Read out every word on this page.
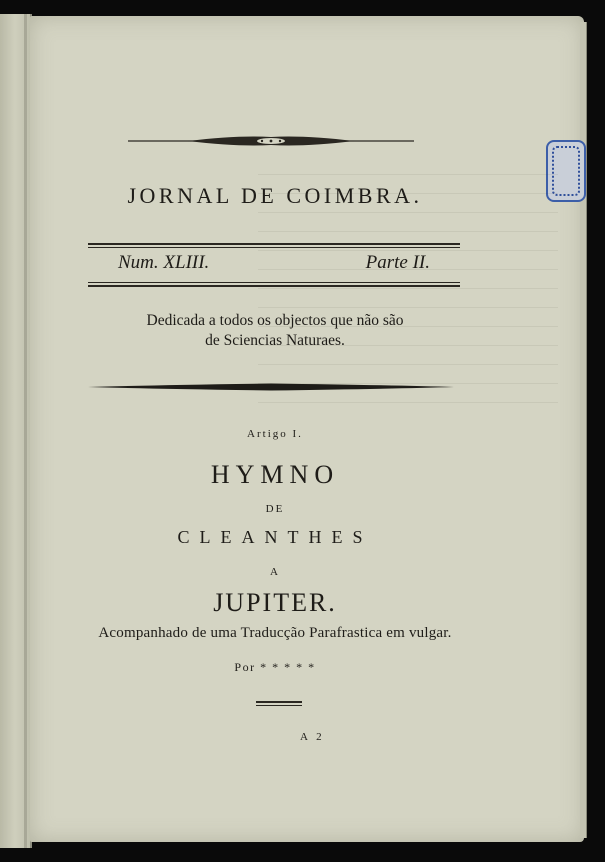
JORNAL DE COIMBRA.
Num. XLIII.	Parte II.
Dedicada a todos os objectos que não são
de Sciencias Naturaes.
Artigo I.
HYMNO
DE
CLEANTHES
A
JUPITER.
Acompanhado de uma Traducção Parafrastica em vulgar.
Por * * * * *
A 2
